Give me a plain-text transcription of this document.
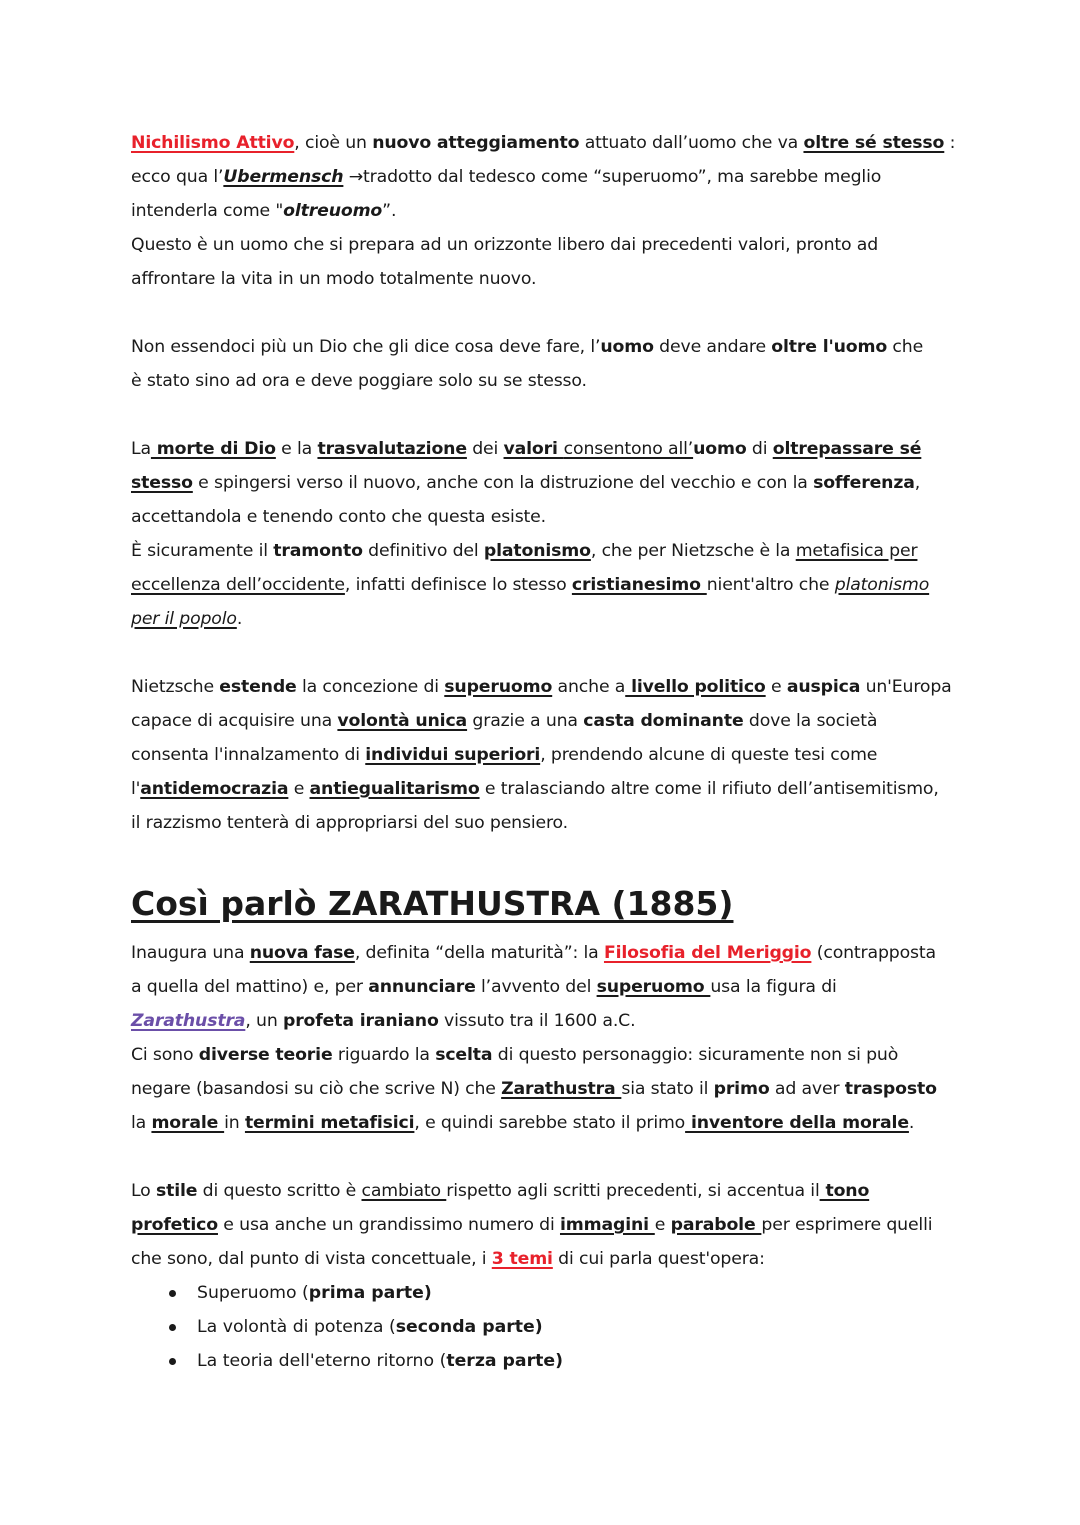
Nichilismo Attivo, cioè un nuovo atteggiamento attuato dall’uomo che va oltre sé stesso :
ecco qua l’Ubermensch →tradotto dal tedesco come “superuomo”, ma sarebbe meglio
intenderla come "oltreuomo”.

Questo è un uomo che si prepara ad un orizzonte libero dai precedenti valori, pronto ad
affrontare la vita in un modo totalmente nuovo.

Non essendoci più un Dio che gli dice cosa deve fare, l’uomo deve andare oltre l'uomo che
è stato sino ad ora e deve poggiare solo su se stesso.

La morte di Dio e la trasvalutazione dei valori consentono all’uomo di oltrepassare sé
stesso e spingersi verso il nuovo, anche con la distruzione del vecchio e con la sofferenza,
accettandola e tenendo conto che questa esiste.

È sicuramente il tramonto definitivo del platonismo, che per Nietzsche è la metafisica per
eccellenza dell’occidente, infatti definisce lo stesso cristianesimo nient'altro che platonismo
per il popolo.

Nietzsche estende la concezione di superuomo anche a livello politico e auspica un'Europa
capace di acquisire una volontà unica grazie a una casta dominante dove la società
consenta l'innalzamento di individui superiori, prendendo alcune di queste tesi come
l'antidemocrazia e antiegualitarismo e tralasciando altre come il rifiuto dell’antisemitismo,
il razzismo tenterà di appropriarsi del suo pensiero.

Così parlò ZARATHUSTRA (1885)

Inaugura una nuova fase, definita “della maturità”: la Filosofia del Meriggio (contrapposta
a quella del mattino) e, per annunciare l’avvento del superuomo usa la figura di
Zarathustra, un profeta iraniano vissuto tra il 1600 a.C.

Ci sono diverse teorie riguardo la scelta di questo personaggio: sicuramente non si può
negare (basandosi su ciò che scrive N) che Zarathustra sia stato il primo ad aver trasposto
la morale in termini metafisici, e quindi sarebbe stato il primo inventore della morale.

Lo stile di questo scritto è cambiato rispetto agli scritti precedenti, si accentua il tono
profetico e usa anche un grandissimo numero di immagini e parabole per esprimere quelli
che sono, dal punto di vista concettuale, i 3 temi di cui parla quest'opera:

Superuomo (prima parte)
La volontà di potenza (seconda parte)
La teoria dell'eterno ritorno (terza parte)
